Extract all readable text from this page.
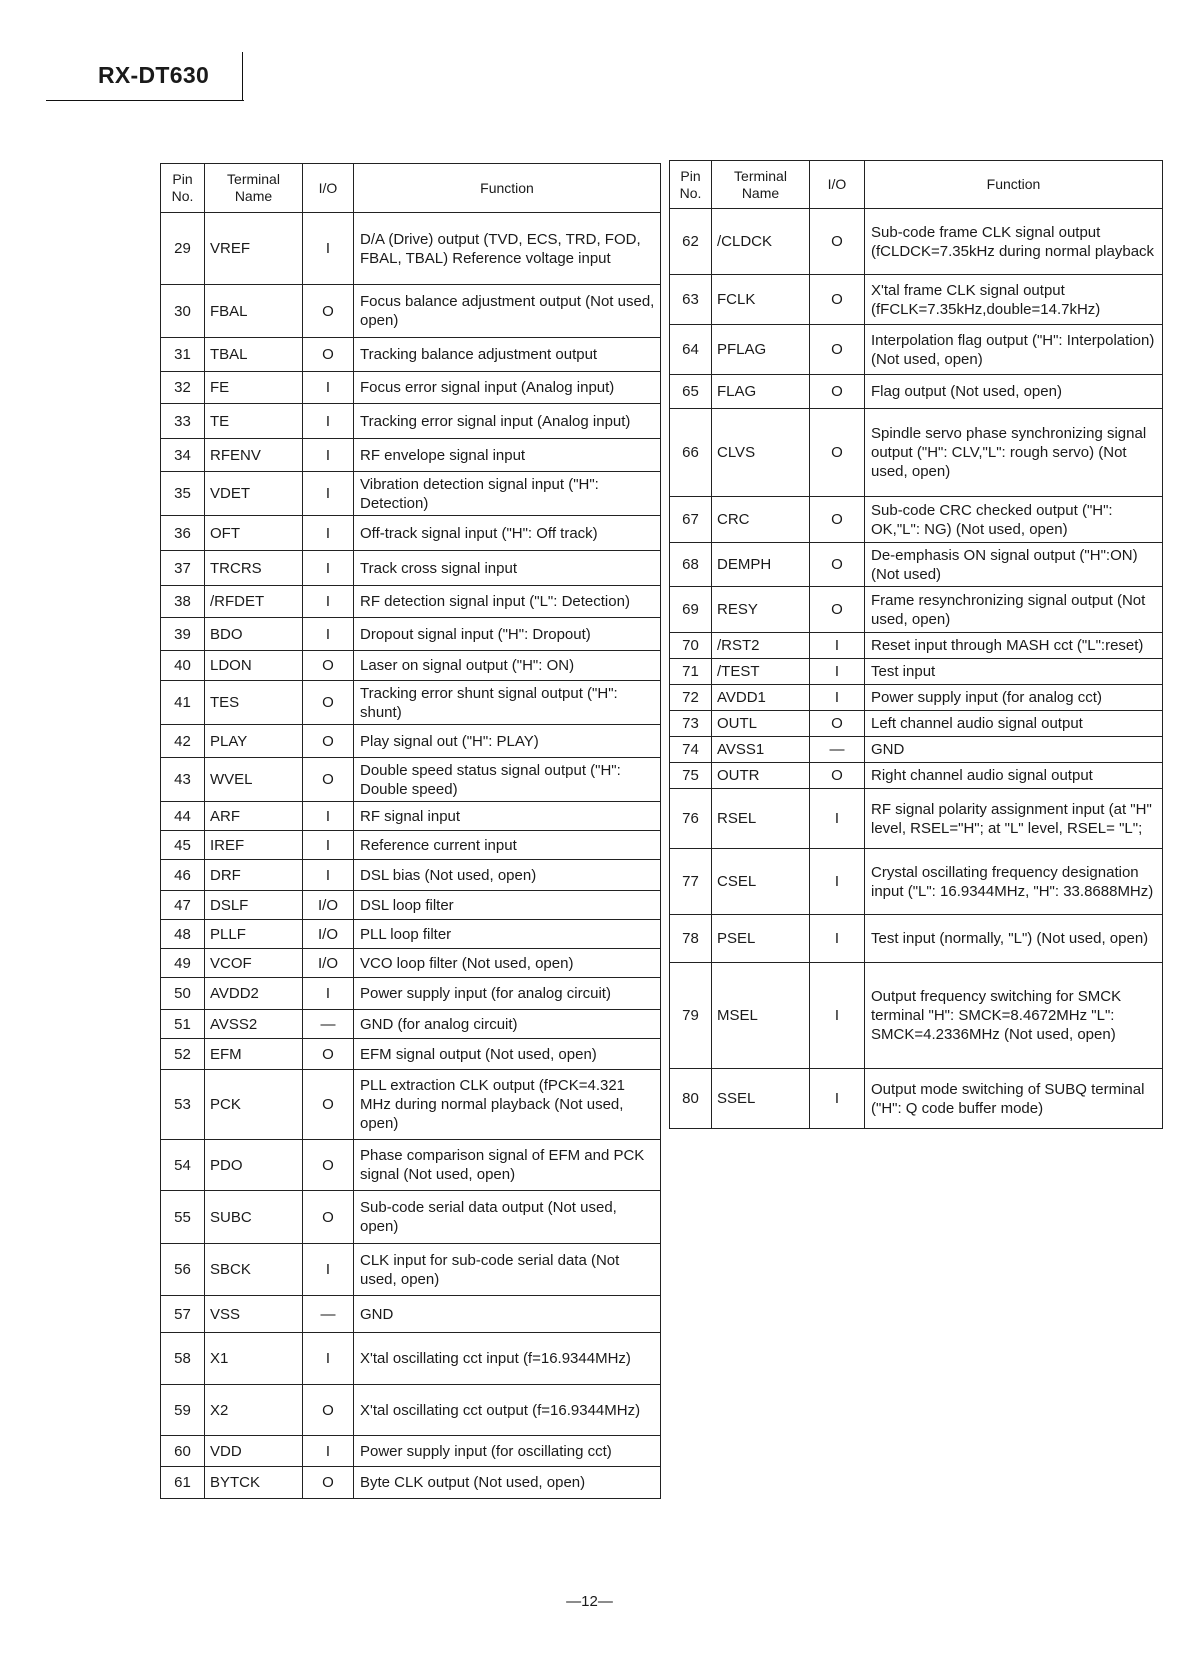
RX-DT630
Pin No.	Terminal Name	I/O	Function
29	VREF	I	D/A (Drive) output (TVD, ECS, TRD, FOD, FBAL, TBAL) Reference voltage input
30	FBAL	O	Focus balance adjustment output (Not used, open)
31	TBAL	O	Tracking balance adjustment output
32	FE	I	Focus error signal input (Analog input)
33	TE	I	Tracking error signal input (Analog input)
34	RFENV	I	RF envelope signal input
35	VDET	I	Vibration detection signal input ("H": Detection)
36	OFT	I	Off-track signal input ("H": Off track)
37	TRCRS	I	Track cross signal input
38	/RFDET	I	RF detection signal input ("L": Detection)
39	BDO	I	Dropout signal input ("H": Dropout)
40	LDON	O	Laser on signal output ("H": ON)
41	TES	O	Tracking error shunt signal output ("H": shunt)
42	PLAY	O	Play signal out ("H": PLAY)
43	WVEL	O	Double speed status signal output ("H": Double speed)
44	ARF	I	RF signal input
45	IREF	I	Reference current input
46	DRF	I	DSL bias (Not used, open)
47	DSLF	I/O	DSL loop filter
48	PLLF	I/O	PLL loop filter
49	VCOF	I/O	VCO loop filter (Not used, open)
50	AVDD2	I	Power supply input (for analog circuit)
51	AVSS2	—	GND (for analog circuit)
52	EFM	O	EFM signal output (Not used, open)
53	PCK	O	PLL extraction CLK output (fPCK=4.321 MHz during normal playback (Not used, open)
54	PDO	O	Phase comparison signal of EFM and PCK signal (Not used, open)
55	SUBC	O	Sub-code serial data output (Not used, open)
56	SBCK	I	CLK input for sub-code serial data (Not used, open)
57	VSS	—	GND
58	X1	I	X'tal oscillating cct input (f=16.9344MHz)
59	X2	O	X'tal oscillating cct output (f=16.9344MHz)
60	VDD	I	Power supply input (for oscillating cct)
61	BYTCK	O	Byte CLK output (Not used, open)
Pin No.	Terminal Name	I/O	Function
62	/CLDCK	O	Sub-code frame CLK signal output (fCLDCK=7.35kHz during normal playback
63	FCLK	O	X'tal frame CLK signal output (fFCLK=7.35kHz,double=14.7kHz)
64	PFLAG	O	Interpolation flag output ("H": Interpolation) (Not used, open)
65	FLAG	O	Flag output (Not used, open)
66	CLVS	O	Spindle servo phase synchronizing signal output ("H": CLV,"L": rough servo) (Not used, open)
67	CRC	O	Sub-code CRC checked output ("H": OK,"L": NG) (Not used, open)
68	DEMPH	O	De-emphasis ON signal output ("H":ON) (Not used)
69	RESY	O	Frame resynchronizing signal output (Not used, open)
70	/RST2	I	Reset input through MASH cct ("L":reset)
71	/TEST	I	Test input
72	AVDD1	I	Power supply input (for analog cct)
73	OUTL	O	Left channel audio signal output
74	AVSS1	—	GND
75	OUTR	O	Right channel audio signal output
76	RSEL	I	RF signal polarity assignment input (at "H" level, RSEL="H"; at "L" level, RSEL= "L";
77	CSEL	I	Crystal oscillating frequency designation input ("L": 16.9344MHz, "H": 33.8688MHz)
78	PSEL	I	Test input (normally, "L") (Not used, open)
79	MSEL	I	Output frequency switching for SMCK terminal "H": SMCK=8.4672MHz "L": SMCK=4.2336MHz (Not used, open)
80	SSEL	I	Output mode switching of SUBQ terminal ("H": Q code buffer mode)
—12—
